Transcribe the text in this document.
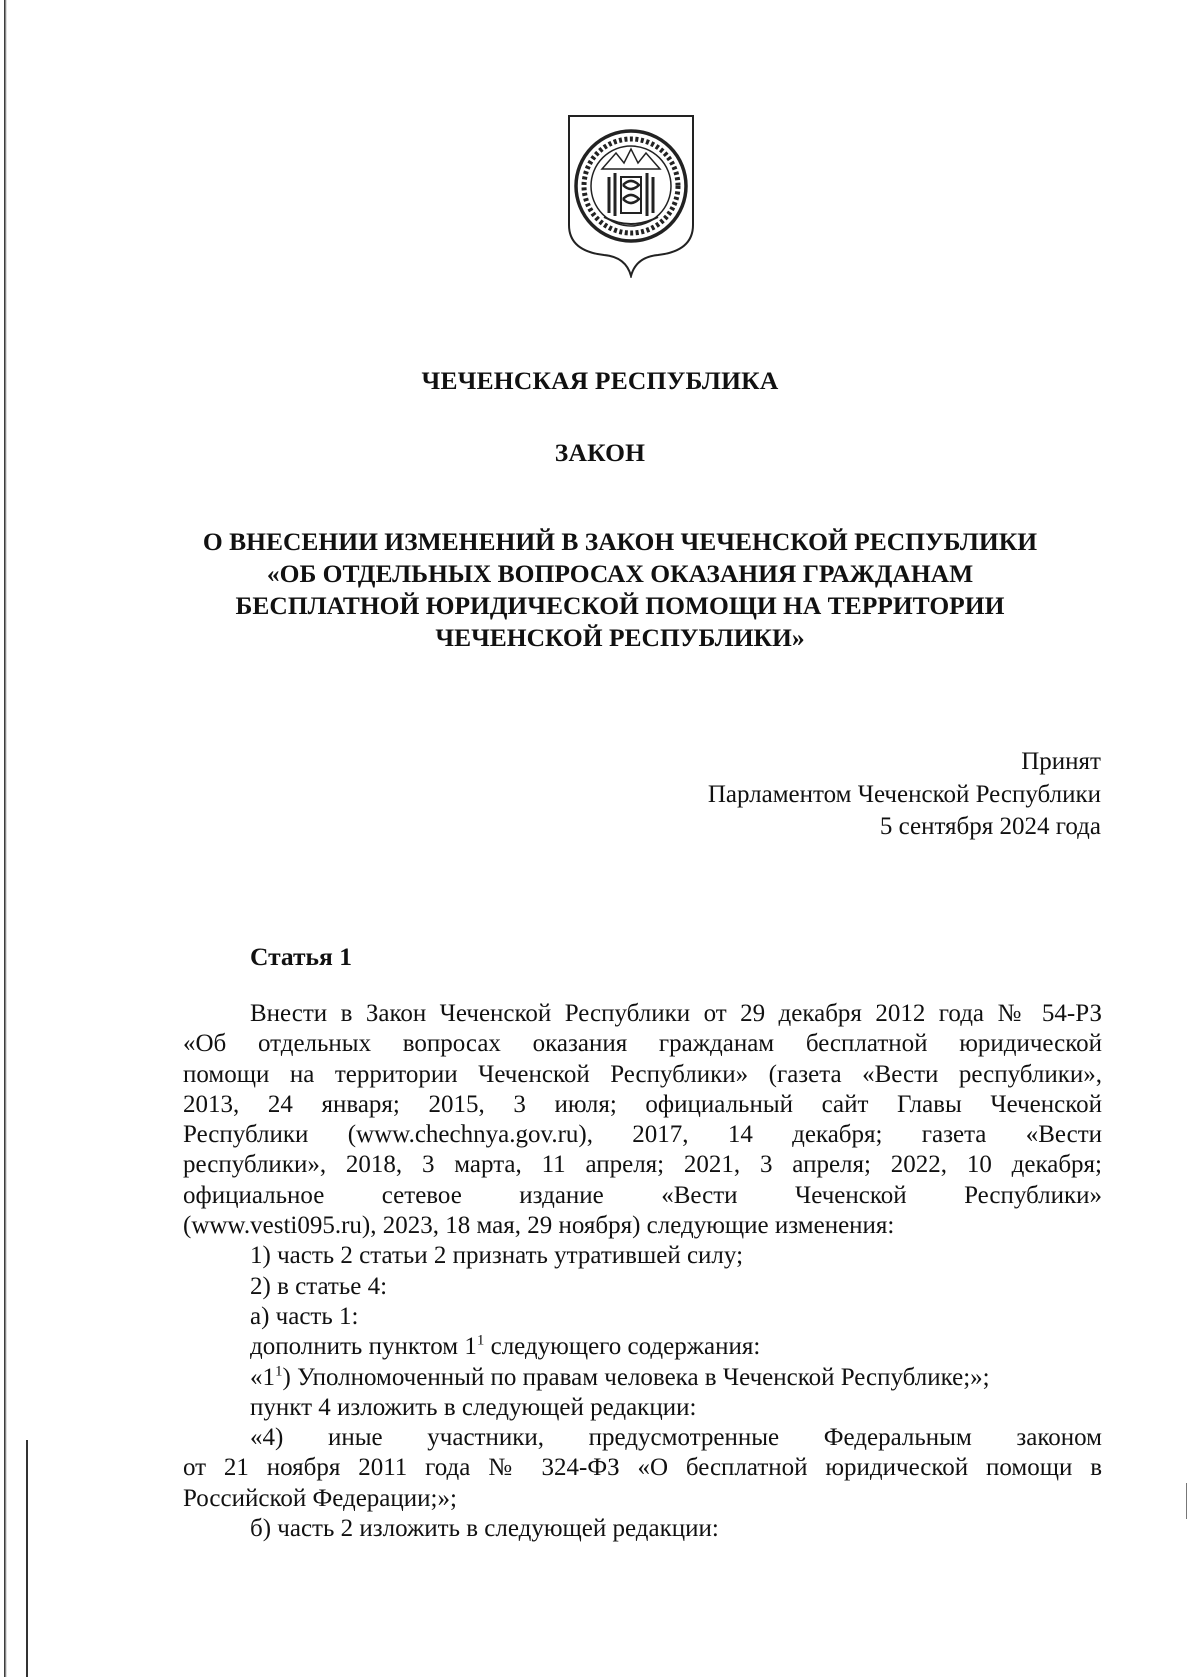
ЧЕЧЕНСКАЯ РЕСПУБЛИКА
ЗАКОН
О ВНЕСЕНИИ ИЗМЕНЕНИЙ В ЗАКОН ЧЕЧЕНСКОЙ РЕСПУБЛИКИ
«ОБ ОТДЕЛЬНЫХ ВОПРОСАХ ОКАЗАНИЯ ГРАЖДАНАМ
БЕСПЛАТНОЙ ЮРИДИЧЕСКОЙ ПОМОЩИ НА ТЕРРИТОРИИ
ЧЕЧЕНСКОЙ РЕСПУБЛИКИ»
Принят
Парламентом Чеченской Республики
5 сентября 2024 года
Статья 1
Внести в Закон Чеченской Республики от 29 декабря 2012 года № 54-РЗ
«Об отдельных вопросах оказания гражданам бесплатной юридической
помощи на территории Чеченской Республики» (газета «Вести республики»,
2013, 24 января; 2015, 3 июля; официальный сайт Главы Чеченской
Республики (www.chechnya.gov.ru), 2017, 14 декабря; газета «Вести
республики», 2018, 3 марта, 11 апреля; 2021, 3 апреля; 2022, 10 декабря;
официальное сетевое издание «Вести Чеченской Республики»
(www.vesti095.ru), 2023, 18 мая, 29 ноября) следующие изменения:
1) часть 2 статьи 2 признать утратившей силу;
2) в статье 4:
а) часть 1:
дополнить пунктом $1^1$ следующего содержания:
«$1^1$) Уполномоченный по правам человека в Чеченской Республике;»;
пункт 4 изложить в следующей редакции:
«4) иные участники, предусмотренные Федеральным законом
от 21 ноября 2011 года № 324-ФЗ «О бесплатной юридической помощи в
Российской Федерации;»;
б) часть 2 изложить в следующей редакции:
